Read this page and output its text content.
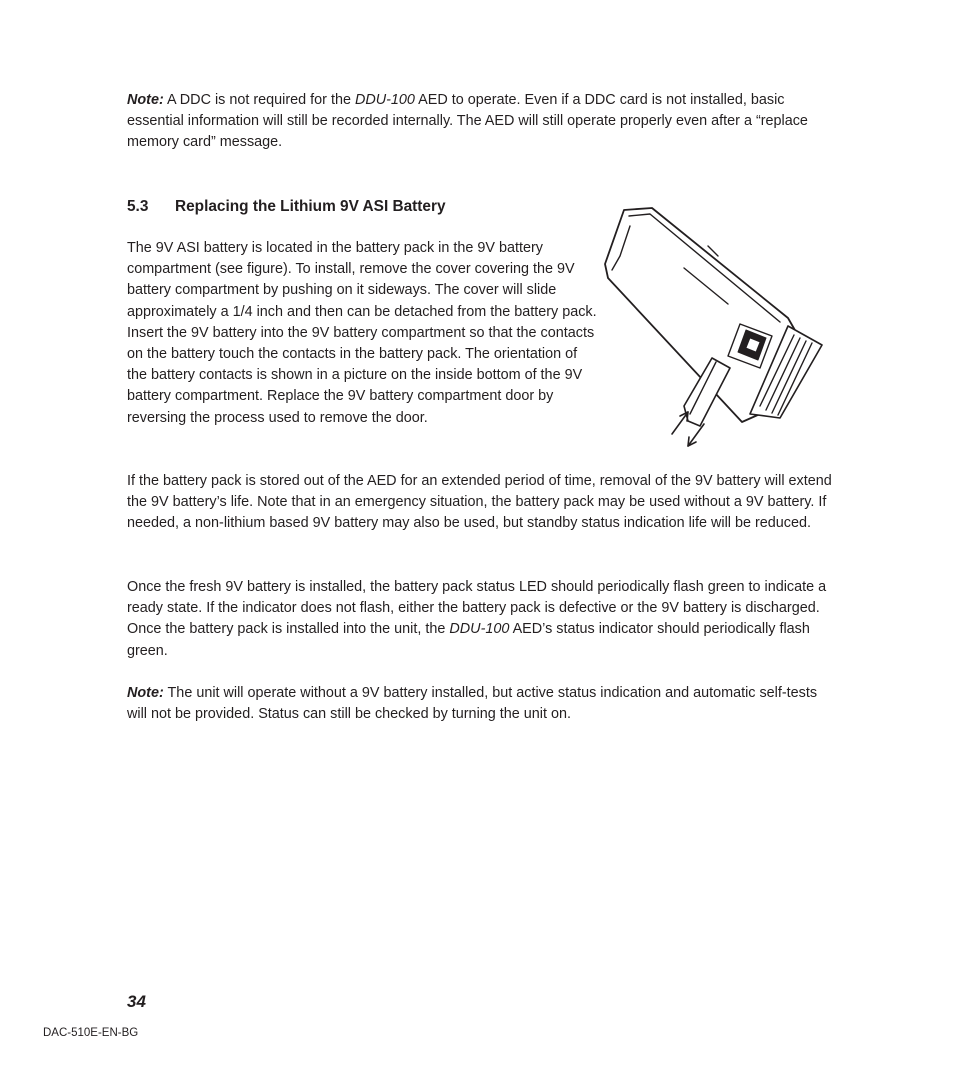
Note: A DDC is not required for the DDU-100 AED to operate. Even if a DDC card is not installed, basic essential information will still be recorded internally. The AED will still operate properly even after a “replace memory card” message.

5.3 Replacing the Lithium 9V ASI Battery

The 9V ASI battery is located in the battery pack in the 9V battery compartment (see figure). To install, remove the cover covering the 9V battery compartment by pushing on it sideways. The cover will slide approximately a 1/4 inch and then can be detached from the battery pack. Insert the 9V battery into the 9V battery compartment so that the contacts on the battery touch the contacts in the battery pack. The orientation of the battery contacts is shown in a picture on the inside bottom of the 9V battery compartment. Replace the 9V battery compartment door by reversing the process used to remove the door.

If the battery pack is stored out of the AED for an extended period of time, removal of the 9V battery will extend the 9V battery’s life. Note that in an emergency situation, the battery pack may be used without a 9V battery. If needed, a non-lithium based 9V battery may also be used, but standby status indication life will be reduced.

Once the fresh 9V battery is installed, the battery pack status LED should periodically flash green to indicate a ready state. If the indicator does not flash, either the battery pack is defective or the 9V battery is discharged. Once the battery pack is installed into the unit, the DDU-100 AED’s status indicator should periodically flash green.

Note: The unit will operate without a 9V battery installed, but active status indication and automatic self-tests will not be provided. Status can still be checked by turning the unit on.

34
DAC-510E-EN-BG
